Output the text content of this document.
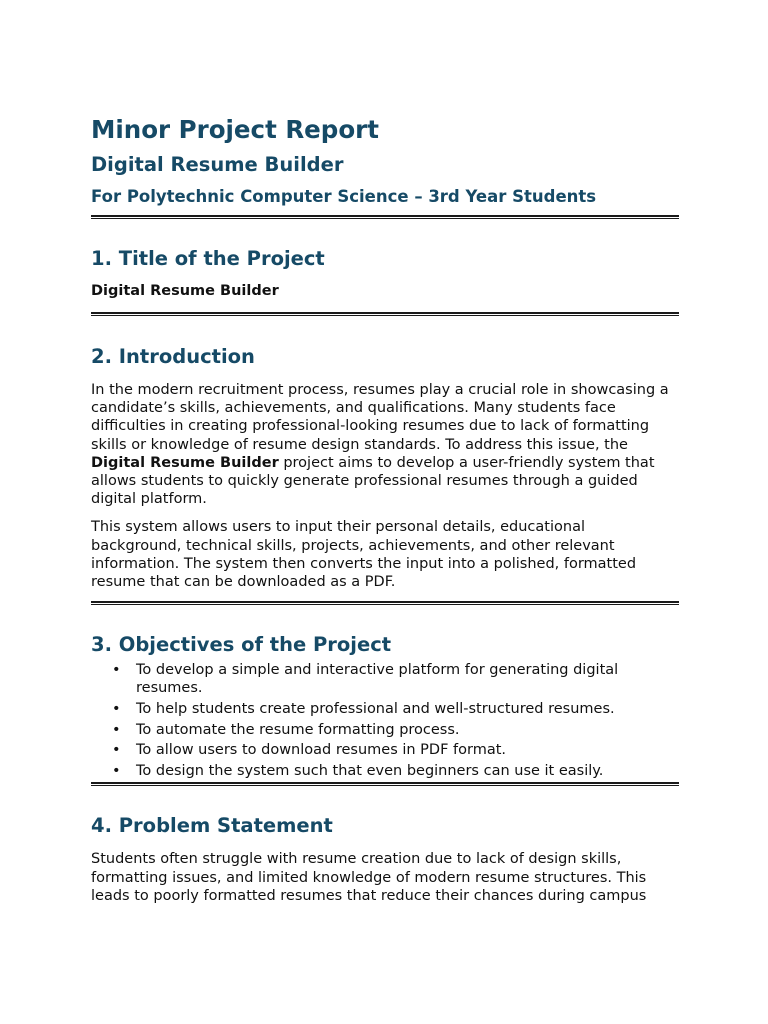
Minor Project Report
Digital Resume Builder
For Polytechnic Computer Science – 3rd Year Students
1. Title of the Project

Digital Resume Builder

2. Introduction

In the modern recruitment process, resumes play a crucial role in showcasing a candidate’s skills, achievements, and qualifications. Many students face difficulties in creating professional-looking resumes due to lack of formatting skills or knowledge of resume design standards. To address this issue, the Digital Resume Builder project aims to develop a user-friendly system that allows students to quickly generate professional resumes through a guided digital platform.

This system allows users to input their personal details, educational background, technical skills, projects, achievements, and other relevant information. The system then converts the input into a polished, formatted resume that can be downloaded as a PDF.

3. Objectives of the Project
• To develop a simple and interactive platform for generating digital resumes.
• To help students create professional and well-structured resumes.
• To automate the resume formatting process.
• To allow users to download resumes in PDF format.
• To design the system such that even beginners can use it easily.
4. Problem Statement

Students often struggle with resume creation due to lack of design skills, formatting issues, and limited knowledge of modern resume structures. This leads to poorly formatted resumes that reduce their chances during campus
